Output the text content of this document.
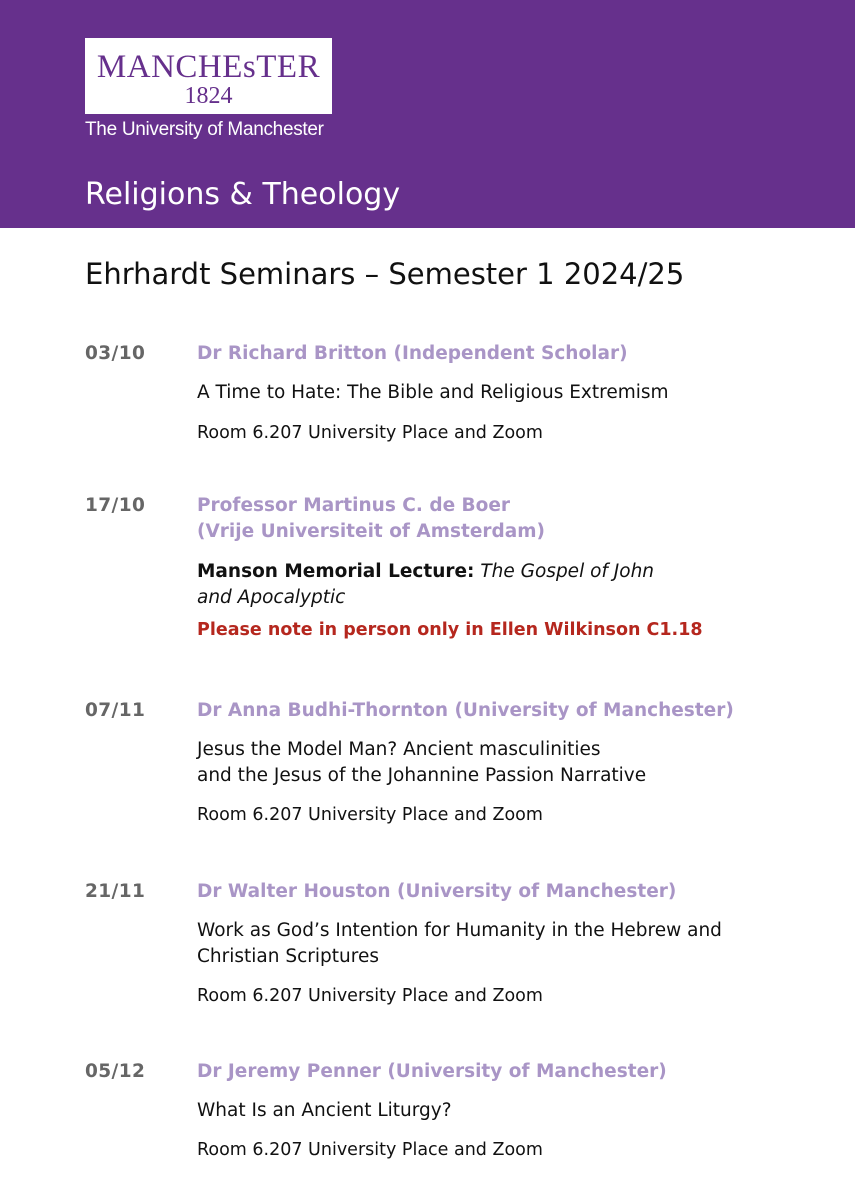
MANCHEsTER
1824
The University of Manchester
Religions & Theology
Ehrhardt Seminars – Semester 1 2024/25
03/10	Dr Richard Britton (Independent Scholar)
A Time to Hate: The Bible and Religious Extremism
Room 6.207 University Place and Zoom
17/10	Professor Martinus C. de Boer
(Vrije Universiteit of Amsterdam)
Manson Memorial Lecture: The Gospel of John
and Apocalyptic
Please note in person only in Ellen Wilkinson C1.18
07/11	Dr Anna Budhi-Thornton (University of Manchester)
Jesus the Model Man? Ancient masculinities
and the Jesus of the Johannine Passion Narrative
Room 6.207 University Place and Zoom
21/11	Dr Walter Houston (University of Manchester)
Work as God’s Intention for Humanity in the Hebrew and
Christian Scriptures
Room 6.207 University Place and Zoom
05/12	Dr Jeremy Penner (University of Manchester)
What Is an Ancient Liturgy?
Room 6.207 University Place and Zoom
